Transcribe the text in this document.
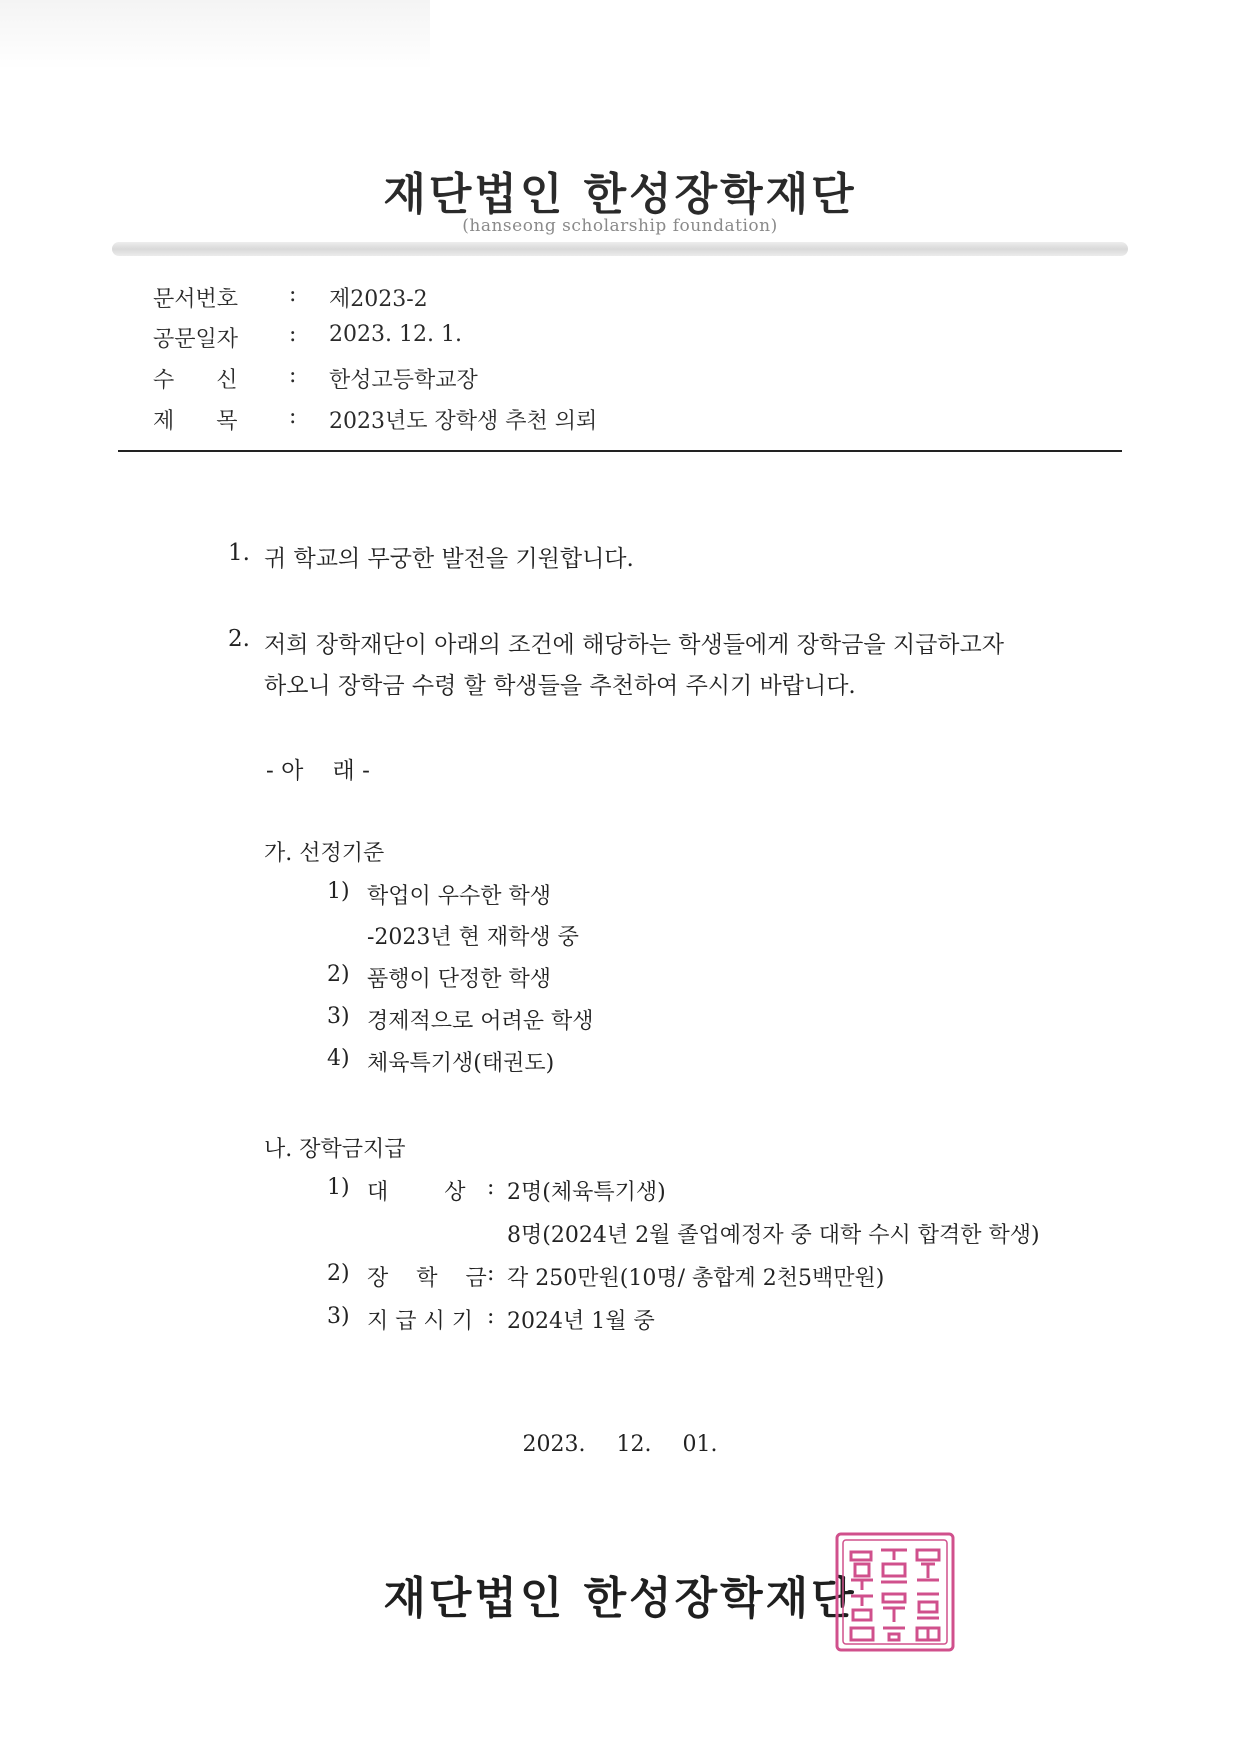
재단법인 한성장학재단
(hanseong scholarship foundation)
문서번호 : 제2023-2
공문일자 : 2023. 12. 1.
수      신 : 한성고등학교장
제      목 : 2023년도 장학생 추천 의뢰
1. 귀 학교의 무궁한 발전을 기원합니다.
2. 저희 장학재단이 아래의 조건에 해당하는 학생들에게 장학금을 지급하고자
하오니 장학금 수령 할 학생들을 추천하여 주시기 바랍니다.
- 아    래 -
가. 선정기준
1) 학업이 우수한 학생
-2023년 현 재학생 중
2) 품행이 단정한 학생
3) 경제적으로 어려운 학생
4) 체육특기생(태권도)
나. 장학금지급
1) 대        상 : 2명(체육특기생)
8명(2024년 2월 졸업예정자 중 대학 수시 합격한 학생)
2) 장    학    금 : 각 250만원(10명/ 총합계 2천5백만원)
3) 지 급 시 기 : 2024년 1월 중
2023. 12. 01.
재단법인 한성장학재단
